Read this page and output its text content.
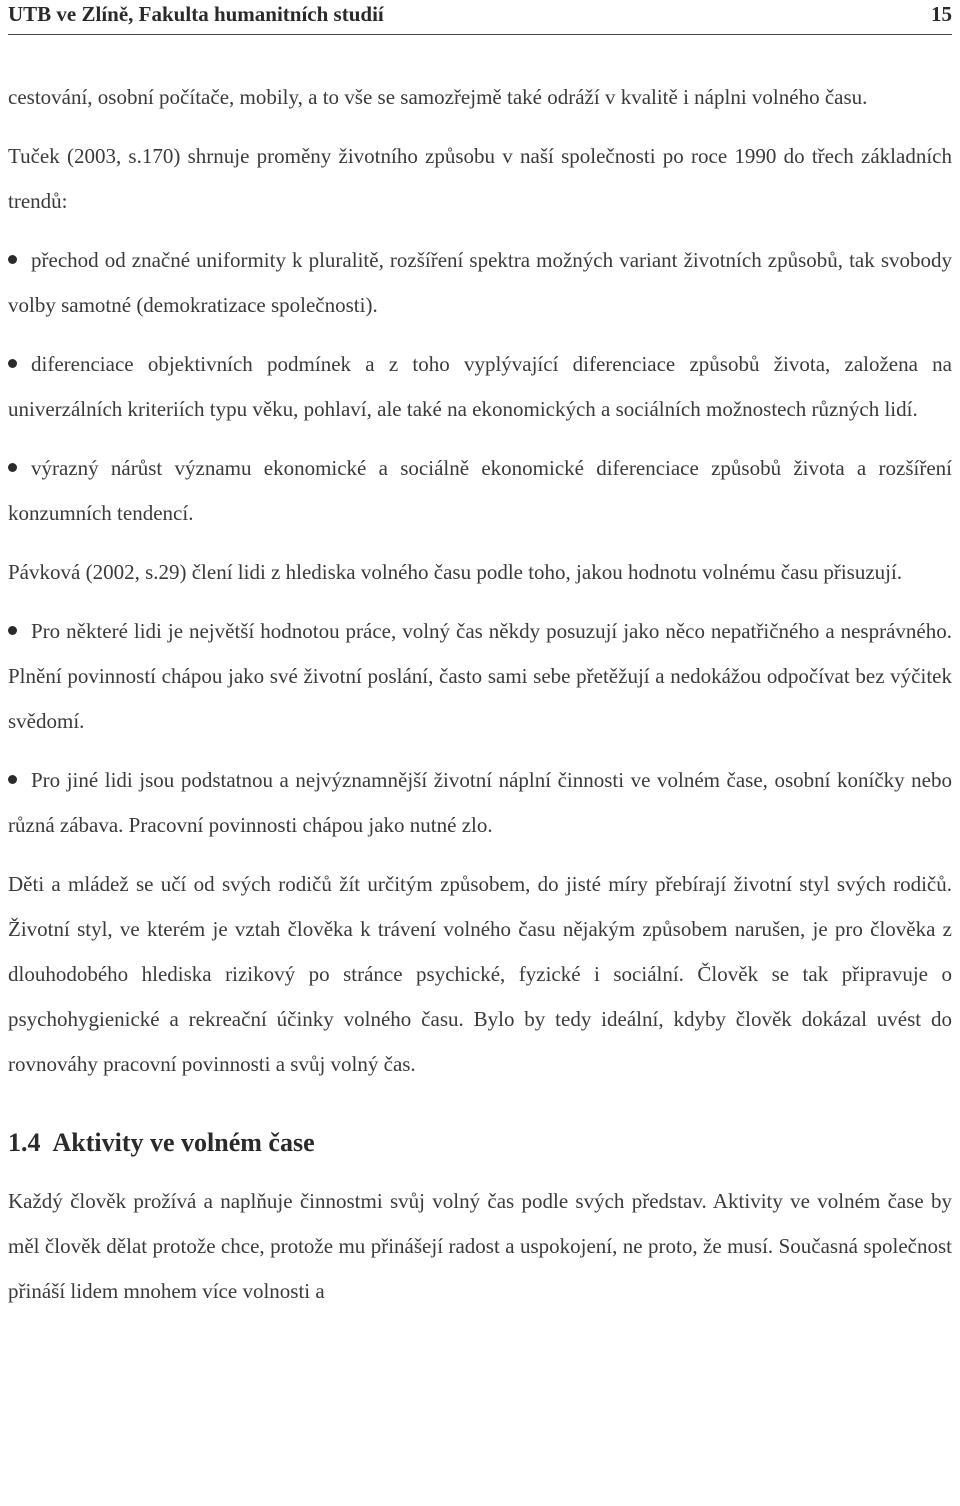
UTB ve Zlíně, Fakulta humanitních studií	15

cestování, osobní počítače, mobily, a to vše se samozřejmě také odráží v kvalitě i náplni volného času.

Tuček (2003, s.170) shrnuje proměny životního způsobu v naší společnosti po roce 1990 do třech základních trendů:

přechod od značné uniformity k pluralitě, rozšíření spektra možných variant životních způsobů, tak svobody volby samotné (demokratizace společnosti).

diferenciace objektivních podmínek a z toho vyplývající diferenciace způsobů života, založena na univerzálních kriteriích typu věku, pohlaví, ale také na ekonomických a sociálních možnostech různých lidí.

výrazný nárůst významu ekonomické a sociálně ekonomické diferenciace způsobů života a rozšíření konzumních tendencí.

Pávková (2002, s.29) člení lidi z hlediska volného času podle toho, jakou hodnotu volnému času přisuzují.

Pro některé lidi je největší hodnotou práce, volný čas někdy posuzují jako něco nepatřičného a nesprávného. Plnění povinností chápou jako své životní poslání, často sami sebe přetěžují a nedokážou odpočívat bez výčitek svědomí.

Pro jiné lidi jsou podstatnou a nejvýznamnější životní náplní činnosti ve volném čase, osobní koníčky nebo různá zábava. Pracovní povinnosti chápou jako nutné zlo.

Děti a mládež se učí od svých rodičů žít určitým způsobem, do jisté míry přebírají životní styl svých rodičů. Životní styl, ve kterém je vztah člověka k trávení volného času nějakým způsobem narušen, je pro člověka z dlouhodobého hlediska rizikový po stránce psychické, fyzické i sociální. Člověk se tak připravuje o psychohygienické a rekreační účinky volného času. Bylo by tedy ideální, kdyby člověk dokázal uvést do rovnováhy pracovní povinnosti a svůj volný čas.

1.4 Aktivity ve volném čase

Každý člověk prožívá a naplňuje činnostmi svůj volný čas podle svých představ. Aktivity ve volném čase by měl člověk dělat protože chce, protože mu přinášejí radost a uspokojení, ne proto, že musí. Současná společnost přináší lidem mnohem více volnosti a
